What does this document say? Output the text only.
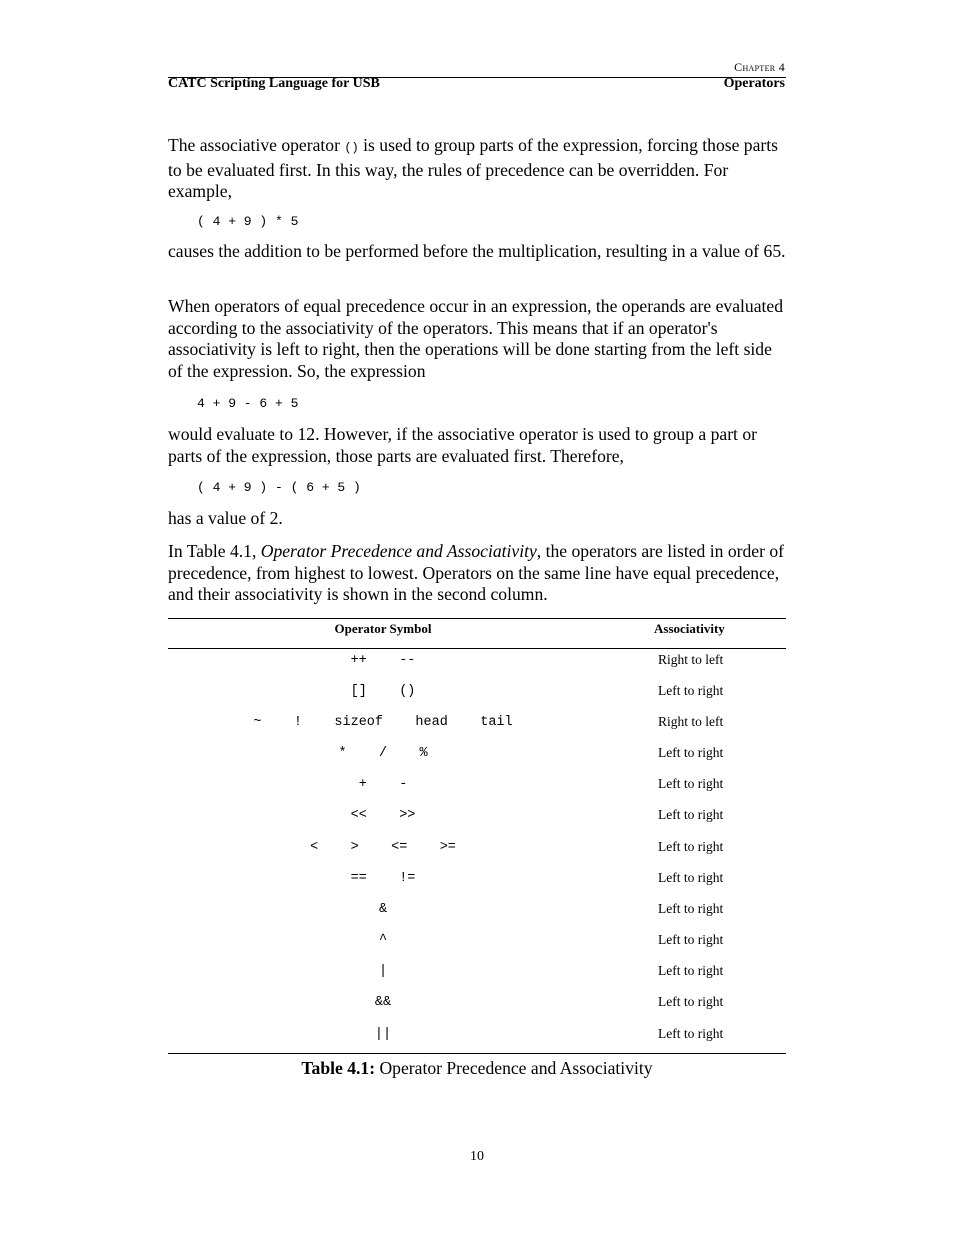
Chapter 4
CATC Scripting Language for USB	Operators
The associative operator () is used to group parts of the expression, forcing those parts to be evaluated first. In this way, the rules of precedence can be overridden. For example,
( 4 + 9 ) * 5
causes the addition to be performed before the multiplication, resulting in a value of 65.
When operators of equal precedence occur in an expression, the operands are evaluated according to the associativity of the operators. This means that if an operator's associativity is left to right, then the operations will be done starting from the left side of the expression. So, the expression
4 + 9 - 6 + 5
would evaluate to 12. However, if the associative operator is used to group a part or parts of the expression, those parts are evaluated first. Therefore,
( 4 + 9 ) - ( 6 + 5 )
has a value of 2.
In Table 4.1, Operator Precedence and Associativity, the operators are listed in order of precedence, from highest to lowest. Operators on the same line have equal precedence, and their associativity is shown in the second column.
Operator Symbol	Associativity
++    --	Right to left
[]    ()	Left to right
~    !    sizeof    head    tail	Right to left
*    /    %	Left to right
+    -	Left to right
<<    >>	Left to right
<    >    <=    >=	Left to right
==    !=	Left to right
&	Left to right
^	Left to right
|	Left to right
&&	Left to right
||	Left to right
Table 4.1: Operator Precedence and Associativity
10
